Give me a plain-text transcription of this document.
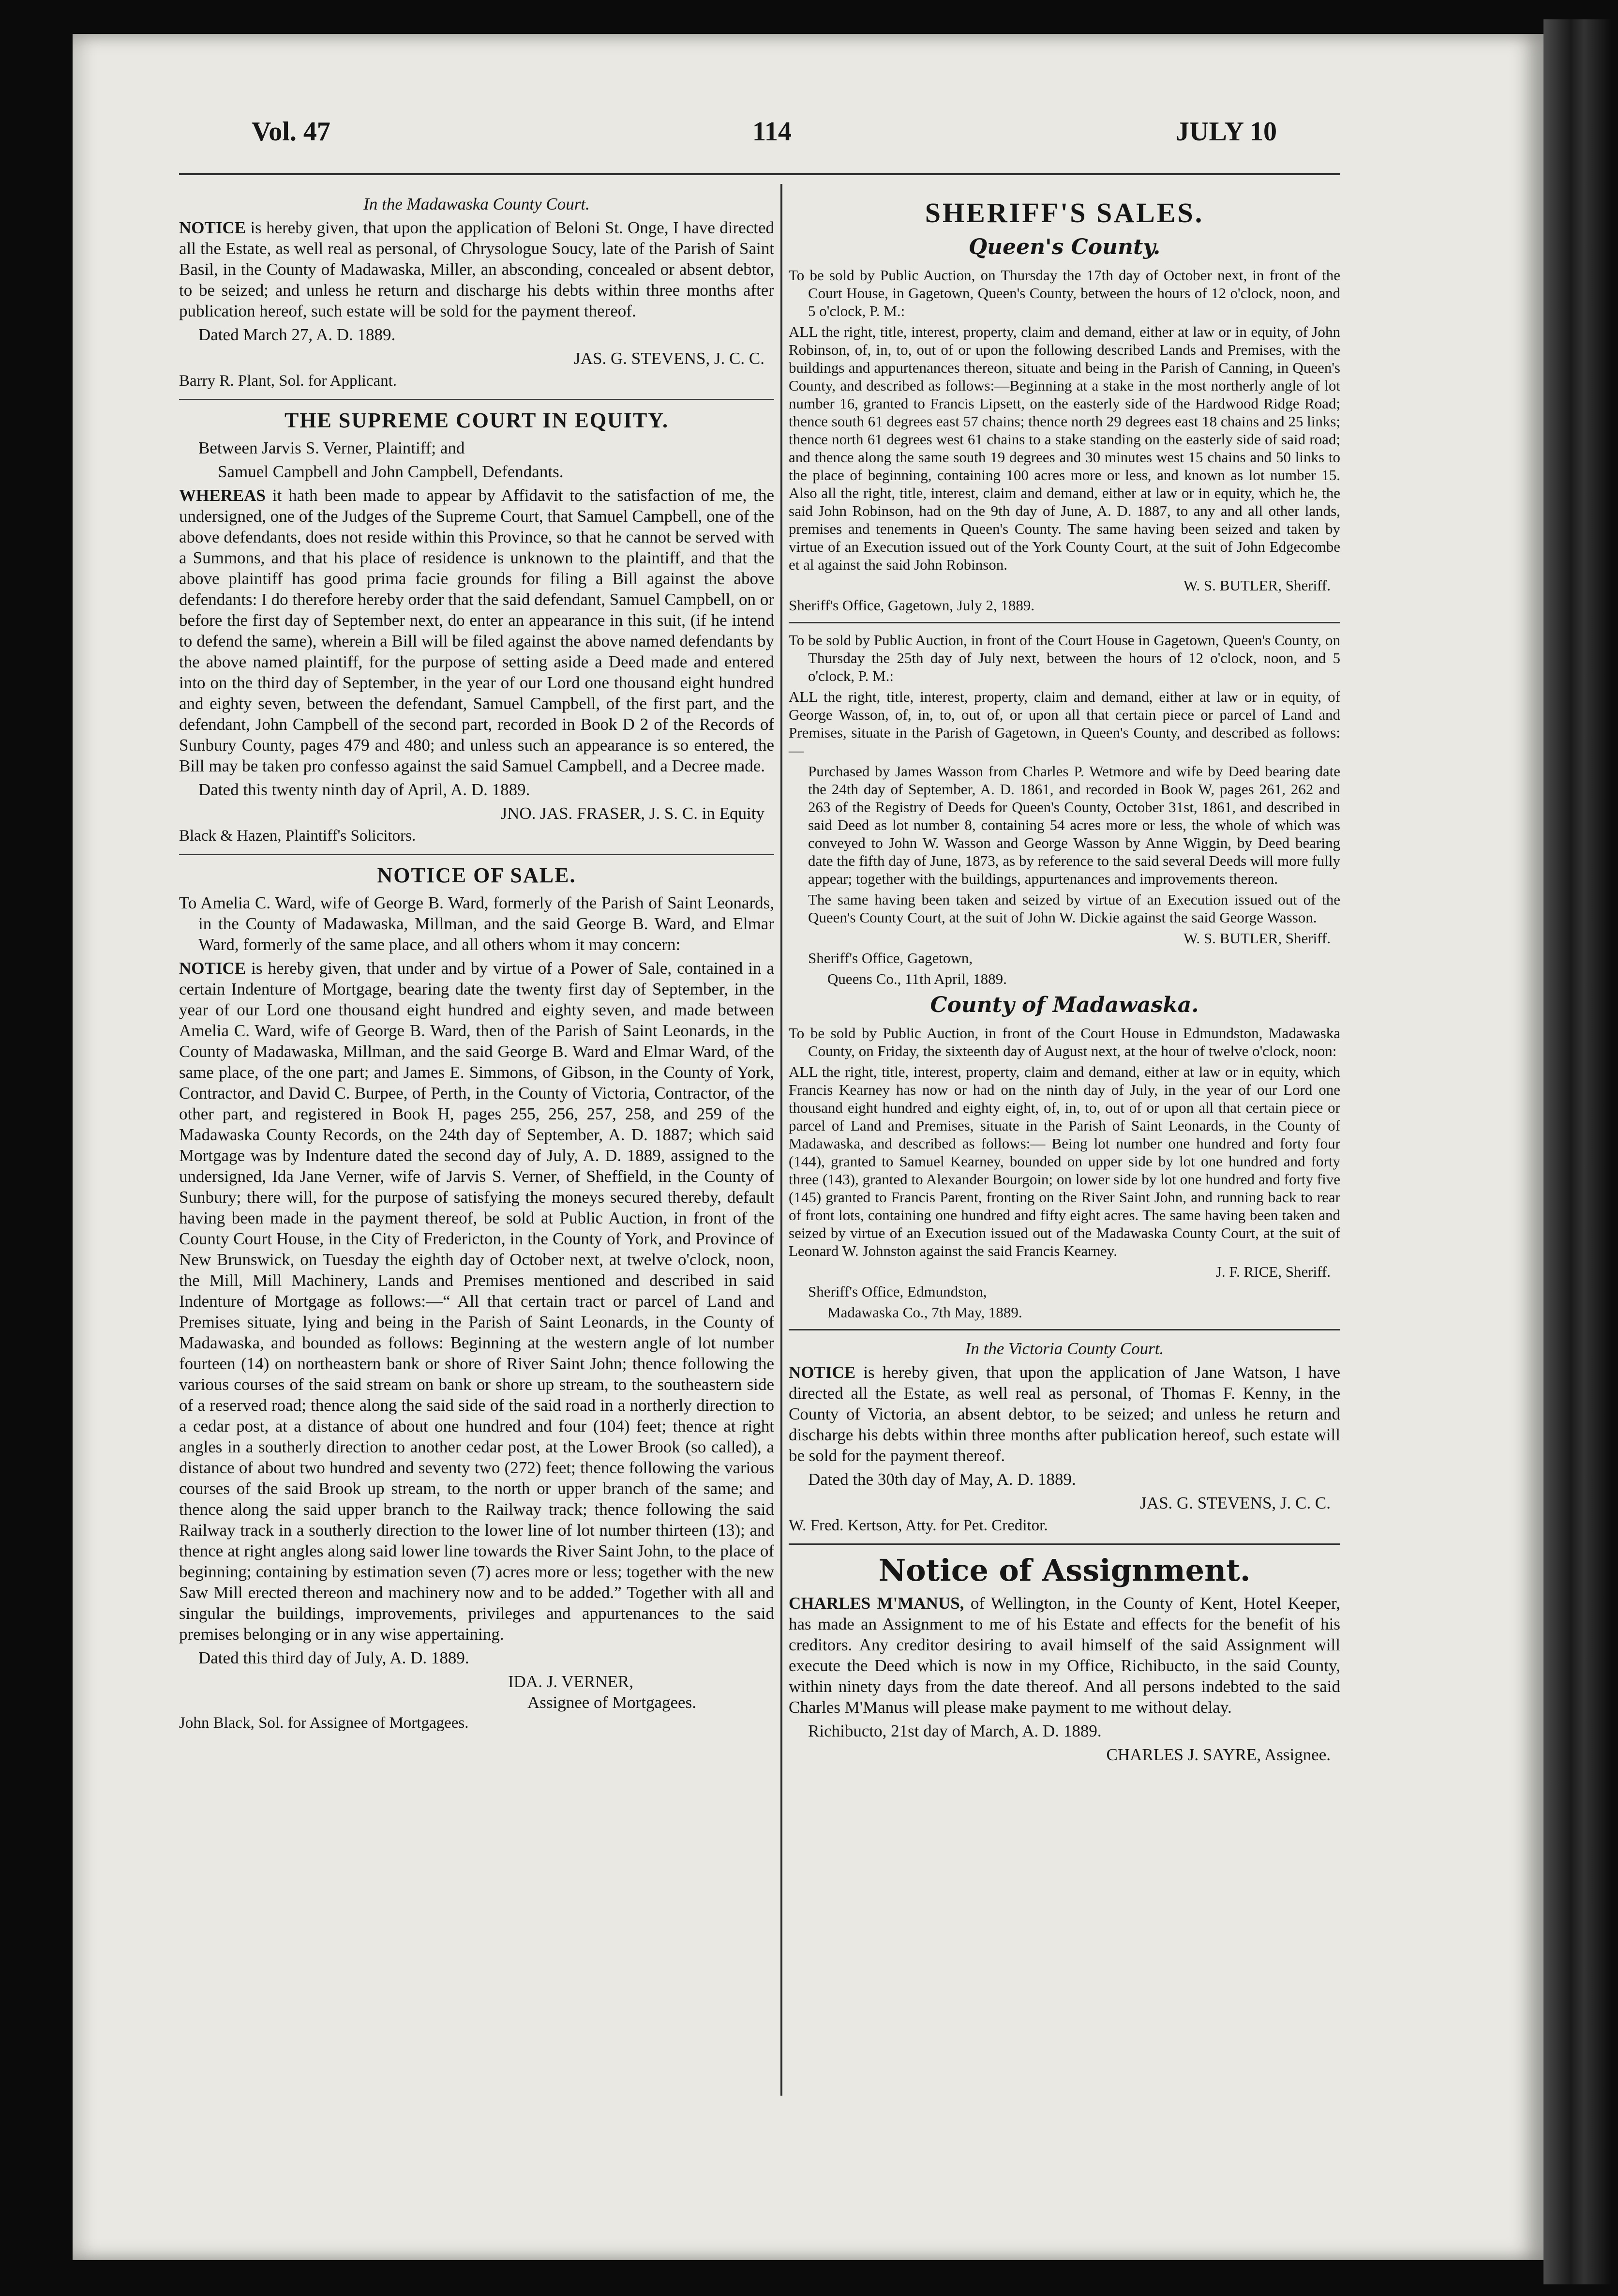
Vol. 47	114	JULY 10

In the Madawaska County Court.

NOTICE is hereby given, that upon the application of Beloni St. Onge, I have directed all the Estate, as well real as personal, of Chrysologue Soucy, late of the Parish of Saint Basil, in the County of Madawaska, Miller, an absconding, concealed or absent debtor, to be seized; and unless he return and discharge his debts within three months after publication hereof, such estate will be sold for the payment thereof.

Dated March 27, A. D. 1889.

JAS. G. STEVENS, J. C. C.

Barry R. Plant, Sol. for Applicant.

THE SUPREME COURT IN EQUITY.

Between Jarvis S. Verner, Plaintiff; and

Samuel Campbell and John Campbell, Defendants.

WHEREAS it hath been made to appear by Affidavit to the satisfaction of me, the undersigned, one of the Judges of the Supreme Court, that Samuel Campbell, one of the above defendants, does not reside within this Province, so that he cannot be served with a Summons, and that his place of residence is unknown to the plaintiff, and that the above plaintiff has good prima facie grounds for filing a Bill against the above defendants: I do therefore hereby order that the said defendant, Samuel Campbell, on or before the first day of September next, do enter an appearance in this suit, (if he intend to defend the same), wherein a Bill will be filed against the above named defendants by the above named plaintiff, for the purpose of setting aside a Deed made and entered into on the third day of September, in the year of our Lord one thousand eight hundred and eighty seven, between the defendant, Samuel Campbell, of the first part, and the defendant, John Campbell of the second part, recorded in Book D 2 of the Records of Sunbury County, pages 479 and 480; and unless such an appearance is so entered, the Bill may be taken pro confesso against the said Samuel Campbell, and a Decree made.

Dated this twenty ninth day of April, A. D. 1889.

JNO. JAS. FRASER, J. S. C. in Equity

Black & Hazen, Plaintiff's Solicitors.

NOTICE OF SALE.

To Amelia C. Ward, wife of George B. Ward, formerly of the Parish of Saint Leonards, in the County of Madawaska, Millman, and the said George B. Ward, and Elmar Ward, formerly of the same place, and all others whom it may concern:

NOTICE is hereby given, that under and by virtue of a Power of Sale, contained in a certain Indenture of Mortgage, bearing date the twenty first day of September, in the year of our Lord one thousand eight hundred and eighty seven, and made between Amelia C. Ward, wife of George B. Ward, then of the Parish of Saint Leonards, in the County of Madawaska, Millman, and the said George B. Ward and Elmar Ward, of the same place, of the one part; and James E. Simmons, of Gibson, in the County of York, Contractor, and David C. Burpee, of Perth, in the County of Victoria, Contractor, of the other part, and registered in Book H, pages 255, 256, 257, 258, and 259 of the Madawaska County Records, on the 24th day of September, A. D. 1887; which said Mortgage was by Indenture dated the second day of July, A. D. 1889, assigned to the undersigned, Ida Jane Verner, wife of Jarvis S. Verner, of Sheffield, in the County of Sunbury; there will, for the purpose of satisfying the moneys secured thereby, default having been made in the payment thereof, be sold at Public Auction, in front of the County Court House, in the City of Fredericton, in the County of York, and Province of New Brunswick, on Tuesday the eighth day of October next, at twelve o'clock, noon, the Mill, Mill Machinery, Lands and Premises mentioned and described in said Indenture of Mortgage as follows:—“ All that certain tract or parcel of Land and Premises situate, lying and being in the Parish of Saint Leonards, in the County of Madawaska, and bounded as follows: Beginning at the western angle of lot number fourteen (14) on northeastern bank or shore of River Saint John; thence following the various courses of the said stream on bank or shore up stream, to the southeastern side of a reserved road; thence along the said side of the said road in a northerly direction to a cedar post, at a distance of about one hundred and four (104) feet; thence at right angles in a southerly direction to another cedar post, at the Lower Brook (so called), a distance of about two hundred and seventy two (272) feet; thence following the various courses of the said Brook up stream, to the north or upper branch of the same; and thence along the said upper branch to the Railway track; thence following the said Railway track in a southerly direction to the lower line of lot number thirteen (13); and thence at right angles along said lower line towards the River Saint John, to the place of beginning; containing by estimation seven (7) acres more or less; together with the new Saw Mill erected thereon and machinery now and to be added.” Together with all and singular the buildings, improvements, privileges and appurtenances to the said premises belonging or in any wise appertaining.

Dated this third day of July, A. D. 1889.

IDA. J. VERNER,
Assignee of Mortgagees.

John Black, Sol. for Assignee of Mortgagees.

SHERIFF'S SALES.
Queen's County.

To be sold by Public Auction, on Thursday the 17th day of October next, in front of the Court House, in Gagetown, Queen's County, between the hours of 12 o'clock, noon, and 5 o'clock, P. M.:

ALL the right, title, interest, property, claim and demand, either at law or in equity, of John Robinson, of, in, to, out of or upon the following described Lands and Premises, with the buildings and appurtenances thereon, situate and being in the Parish of Canning, in Queen's County, and described as follows:—Beginning at a stake in the most northerly angle of lot number 16, granted to Francis Lipsett, on the easterly side of the Hardwood Ridge Road; thence south 61 degrees east 57 chains; thence north 29 degrees east 18 chains and 25 links; thence north 61 degrees west 61 chains to a stake standing on the easterly side of said road; and thence along the same south 19 degrees and 30 minutes west 15 chains and 50 links to the place of beginning, containing 100 acres more or less, and known as lot number 15. Also all the right, title, interest, claim and demand, either at law or in equity, which he, the said John Robinson, had on the 9th day of June, A. D. 1887, to any and all other lands, premises and tenements in Queen's County. The same having been seized and taken by virtue of an Execution issued out of the York County Court, at the suit of John Edgecombe et al against the said John Robinson.

W. S. BUTLER, Sheriff.

Sheriff's Office, Gagetown, July 2, 1889.

To be sold by Public Auction, in front of the Court House in Gagetown, Queen's County, on Thursday the 25th day of July next, between the hours of 12 o'clock, noon, and 5 o'clock, P. M.:

ALL the right, title, interest, property, claim and demand, either at law or in equity, of George Wasson, of, in, to, out of, or upon all that certain piece or parcel of Land and Premises, situate in the Parish of Gagetown, in Queen's County, and described as follows:—

Purchased by James Wasson from Charles P. Wetmore and wife by Deed bearing date the 24th day of September, A. D. 1861, and recorded in Book W, pages 261, 262 and 263 of the Registry of Deeds for Queen's County, October 31st, 1861, and described in said Deed as lot number 8, containing 54 acres more or less, the whole of which was conveyed to John W. Wasson and George Wasson by Anne Wiggin, by Deed bearing date the fifth day of June, 1873, as by reference to the said several Deeds will more fully appear; together with the buildings, appurtenances and improvements thereon.

The same having been taken and seized by virtue of an Execution issued out of the Queen's County Court, at the suit of John W. Dickie against the said George Wasson.

W. S. BUTLER, Sheriff.

Sheriff's Office, Gagetown,

Queens Co., 11th April, 1889.

County of Madawaska.

To be sold by Public Auction, in front of the Court House in Edmundston, Madawaska County, on Friday, the sixteenth day of August next, at the hour of twelve o'clock, noon:

ALL the right, title, interest, property, claim and demand, either at law or in equity, which Francis Kearney has now or had on the ninth day of July, in the year of our Lord one thousand eight hundred and eighty eight, of, in, to, out of or upon all that certain piece or parcel of Land and Premises, situate in the Parish of Saint Leonards, in the County of Madawaska, and described as follows:— Being lot number one hundred and forty four (144), granted to Samuel Kearney, bounded on upper side by lot one hundred and forty three (143), granted to Alexander Bourgoin; on lower side by lot one hundred and forty five (145) granted to Francis Parent, fronting on the River Saint John, and running back to rear of front lots, containing one hundred and fifty eight acres. The same having been taken and seized by virtue of an Execution issued out of the Madawaska County Court, at the suit of Leonard W. Johnston against the said Francis Kearney.

J. F. RICE, Sheriff.

Sheriff's Office, Edmundston,

Madawaska Co., 7th May, 1889.

In the Victoria County Court.

NOTICE is hereby given, that upon the application of Jane Watson, I have directed all the Estate, as well real as personal, of Thomas F. Kenny, in the County of Victoria, an absent debtor, to be seized; and unless he return and discharge his debts within three months after publication hereof, such estate will be sold for the payment thereof.

Dated the 30th day of May, A. D. 1889.

JAS. G. STEVENS, J. C. C.

W. Fred. Kertson, Atty. for Pet. Creditor.

Notice of Assignment.

CHARLES M'MANUS, of Wellington, in the County of Kent, Hotel Keeper, has made an Assignment to me of his Estate and effects for the benefit of his creditors. Any creditor desiring to avail himself of the said Assignment will execute the Deed which is now in my Office, Richibucto, in the said County, within ninety days from the date thereof. And all persons indebted to the said Charles M'Manus will please make payment to me without delay.

Richibucto, 21st day of March, A. D. 1889.

CHARLES J. SAYRE, Assignee.
